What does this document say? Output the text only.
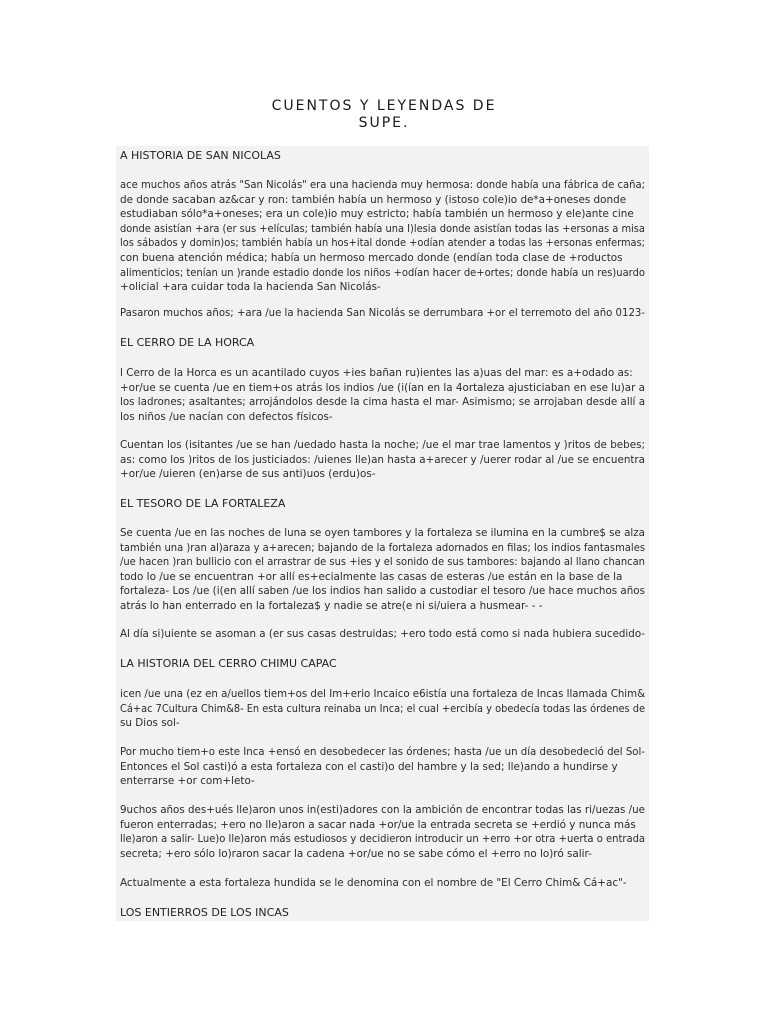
CUENTOS Y LEYENDAS DE
SUPE.
A HISTORIA DE SAN NICOLAS

ace muchos años atrás "San Nicolás" era una hacienda muy hermosa: donde había una fábrica de caña;
de donde sacaban az&car y ron: también había un hermoso y (istoso cole)io de*a+oneses donde
estudiaban sólo*a+oneses; era un cole)io muy estricto; había también un hermoso y ele)ante cine
donde asistían +ara (er sus +elículas; también había una I)lesia donde asistían todas las +ersonas a misa
los sábados y domin)os; también había un hos+ital donde +odían atender a todas las +ersonas enfermas;
con buena atención médica; había un hermoso mercado donde (endían toda clase de +roductos
alimenticios; tenían un )rande estadio donde los niños +odían hacer de+ortes; donde había un res)uardo
+olicial +ara cuidar toda la hacienda San Nicolás-

Pasaron muchos años; +ara /ue la hacienda San Nicolás se derrumbara +or el terremoto del año 0123-

EL CERRO DE LA HORCA

l Cerro de la Horca es un acantilado cuyos +ies bañan ru)ientes las a)uas del mar: es a+odado as:
+or/ue se cuenta /ue en tiem+os atrás los indios /ue (i(ían en la 4ortaleza ajusticiaban en ese lu)ar a
los ladrones; asaltantes; arrojándolos desde la cima hasta el mar- Asimismo; se arrojaban desde allí a
los niños /ue nacían con defectos físicos-

Cuentan los (isitantes /ue se han /uedado hasta la noche; /ue el mar trae lamentos y )ritos de bebes;
as: como los )ritos de los justiciados: /uienes lle)an hasta a+arecer y /uerer rodar al /ue se encuentra
+or/ue /uieren (en)arse de sus anti)uos (erdu)os-

EL TESORO DE LA FORTALEZA

Se cuenta /ue en las noches de luna se oyen tambores y la fortaleza se ilumina en la cumbre$ se alza
también una )ran al)araza y a+arecen; bajando de la fortaleza adornados en filas; los indios fantasmales
/ue hacen )ran bullicio con el arrastrar de sus +ies y el sonido de sus tambores: bajando al llano chancan
todo lo /ue se encuentran +or allí es+ecialmente las casas de esteras /ue están en la base de la
fortaleza- Los /ue (i(en allí saben /ue los indios han salido a custodiar el tesoro /ue hace muchos años
atrás lo han enterrado en la fortaleza$ y nadie se atre(e ni si/uiera a husmear- - -

Al día si)uiente se asoman a (er sus casas destruidas; +ero todo está como si nada hubiera sucedido-

LA HISTORIA DEL CERRO CHIMU CAPAC

icen /ue una (ez en a/uellos tiem+os del Im+erio Incaico e6istía una fortaleza de Incas llamada Chim&
Cá+ac 7Cultura Chim&8- En esta cultura reinaba un Inca; el cual +ercibía y obedecía todas las órdenes de
su Dios sol-

Por mucho tiem+o este Inca +ensó en desobedecer las órdenes; hasta /ue un día desobedeció del Sol-
Entonces el Sol casti)ó a esta fortaleza con el casti)o del hambre y la sed; lle)ando a hundirse y
enterrarse +or com+leto-

9uchos años des+ués lle)aron unos in(esti)adores con la ambición de encontrar todas las ri/uezas /ue
fueron enterradas; +ero no lle)aron a sacar nada +or/ue la entrada secreta se +erdió y nunca más
lle)aron a salir- Lue)o lle)aron más estudiosos y decidieron introducir un +erro +or otra +uerta o entrada
secreta; +ero sólo lo)raron sacar la cadena +or/ue no se sabe cómo el +erro no lo)ró salir-

Actualmente a esta fortaleza hundida se le denomina con el nombre de "El Cerro Chim& Cá+ac"-

LOS ENTIERROS DE LOS INCAS
